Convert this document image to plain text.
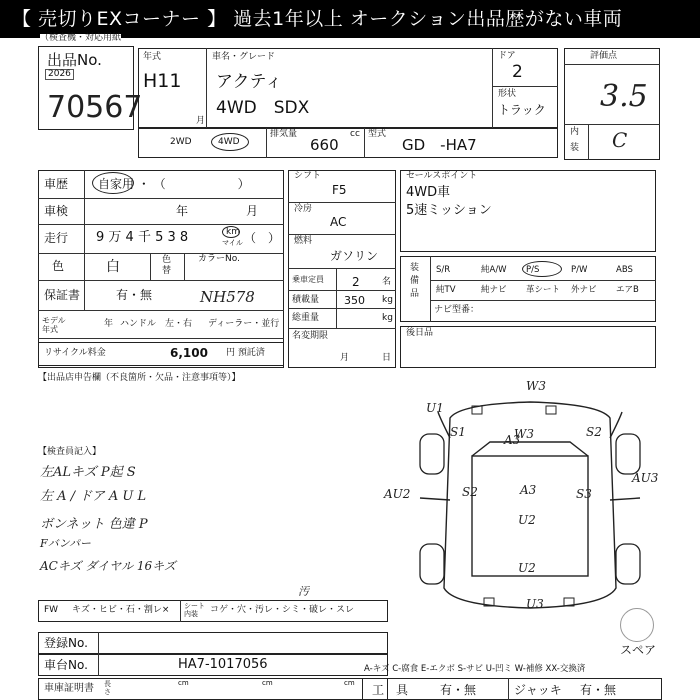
【 売切りEXコーナー 】 過去1年以上 オークション出品歴がない車両
（検査機・対応用紙
出品No.
2026
70567
年式
H11
月
車名・グレード
アクティ
4WD　SDX
ドア
2
形状
トラック
評価点
3.5
内
装 C
2WD	4WD
排気量	cc
660
型式
GD　-HA7
車歴 自家用 ・ （　　　　　　）
車検	年	月
走行 9 万 4 千 5 3 8	km
マイル （　）
色	白	色替
カラーNo.
NH578
保証書	有・無
モデル年式
年 ハンドル　左・右 ディーラー・並行
リサイクル料金	6,100 円 預託済
シフト
F5
冷房
AC
燃料
ガソリン
乗車定員 2 名
積載量 350 kg
総重量	kg
名変期限
月	日
セールスポイント
4WD車
5速ミッション
装備品
S/R	純A/W P/S	P/W	ABS
純TV	純ナビ 革シート 外ナビ エアB
ナビ型番：
後日品
【出品店申告欄（不良箇所・欠品・注意事項等）】
【検査員記入】
左ALキズ P起 S
左 A / ドア A U L
ボンネット 色違 P
Fバンパー
ACキズ ダイヤル 16キズ
W3
U1
S1
A3
W3	S2
AU2	S2	A3	S3
AU3
U2
U3
U2
スペア
FW キズ・ヒビ・石・割レ× シート内装	コゲ・穴・汚レ・シミ・破レ・スレ
汚
登録No.
車台No.	HA7-1017056
車庫証明書 長さ
cm	cm	cm
A-キズ C-腐食 E-エクボ S-サビ U-凹ミ W-補修 XX-交換済
工　具	有・無	ジャッキ 有・無
